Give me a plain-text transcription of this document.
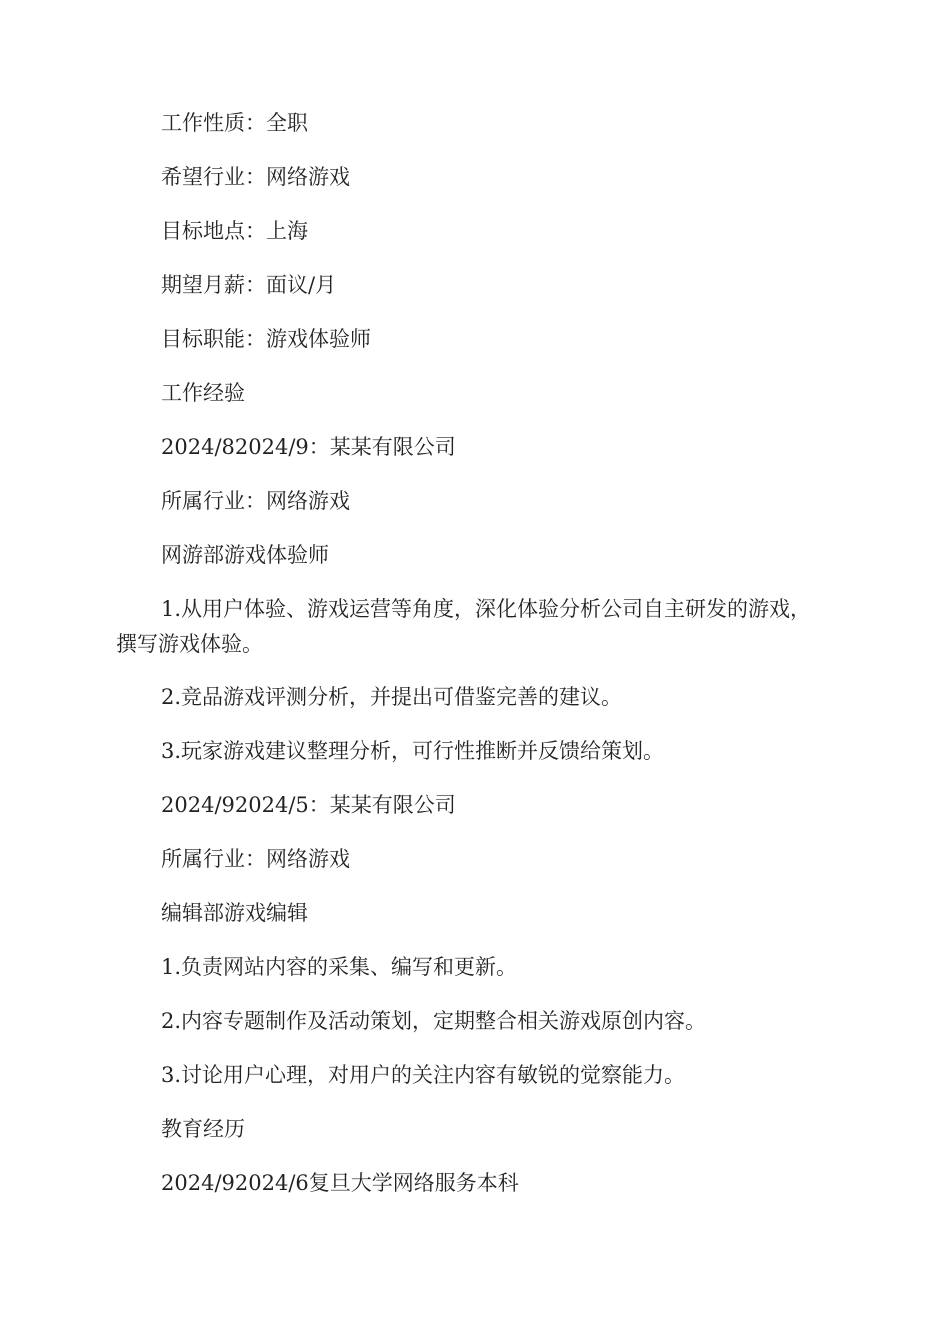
工作性质：全职

希望行业：网络游戏

目标地点：上海

期望月薪：面议/月

目标职能：游戏体验师

工作经验

2024/82024/9：某某有限公司

所属行业：网络游戏

网游部游戏体验师

1.从用户体验、游戏运营等角度，深化体验分析公司自主研发的游戏，撰写游戏体验。

2.竞品游戏评测分析，并提出可借鉴完善的建议。

3.玩家游戏建议整理分析，可行性推断并反馈给策划。

2024/92024/5：某某有限公司

所属行业：网络游戏

编辑部游戏编辑

1.负责网站内容的采集、编写和更新。

2.内容专题制作及活动策划，定期整合相关游戏原创内容。

3.讨论用户心理，对用户的关注内容有敏锐的觉察能力。

教育经历

2024/92024/6复旦大学网络服务本科
